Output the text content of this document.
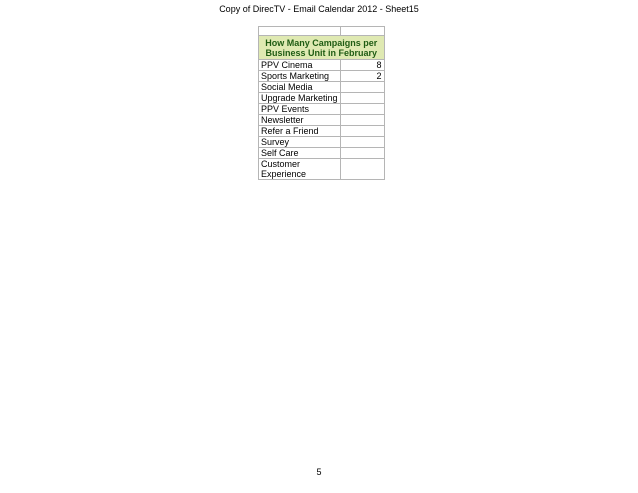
Copy of DirecTV - Email Calendar 2012 - Sheet15

How Many Campaigns per Business Unit in February	
PPV Cinema	8
Sports Marketing	2
Social Media	
Upgrade Marketing	
PPV Events	
Newsletter	
Refer a Friend	
Survey	
Self Care	
Customer Experience	
5
